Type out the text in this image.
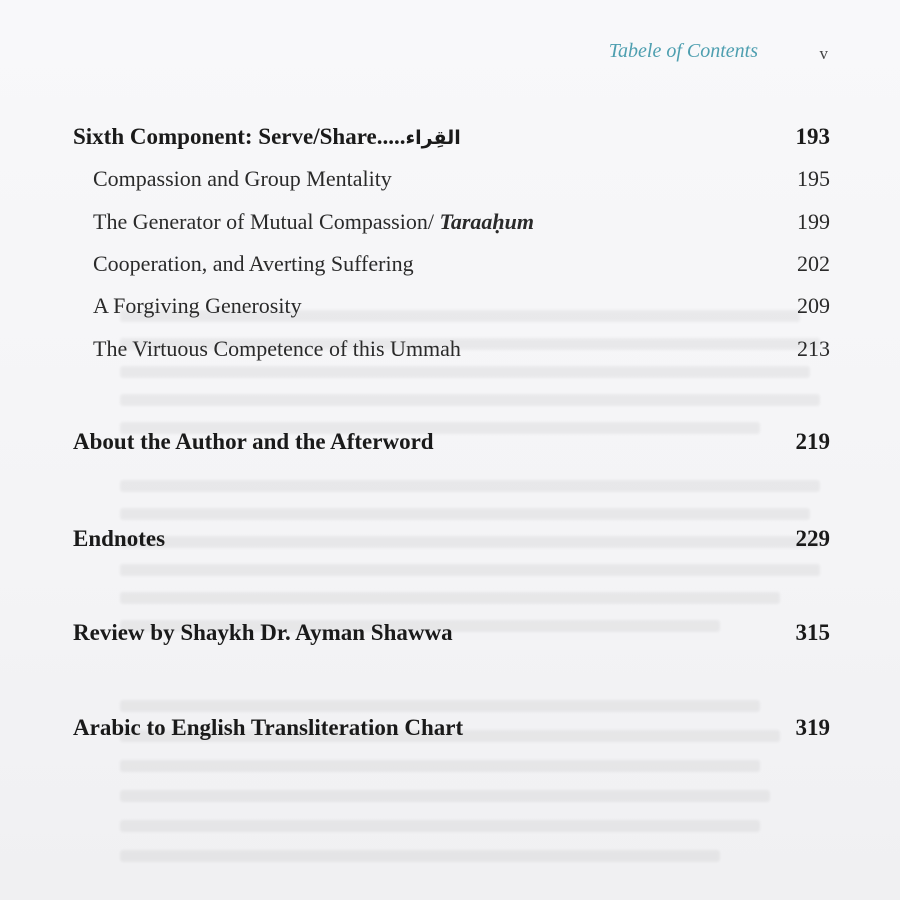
Tabele of Contents	v
Sixth Component: Serve/Share.....القِراء	193
Compassion and Group Mentality	195
The Generator of Mutual Compassion/ Taraaḥum	199
Cooperation, and Averting Suffering	202
A Forgiving Generosity	209
The Virtuous Competence of this Ummah	213
About the Author and the Afterword	219
Endnotes	229
Review by Shaykh Dr. Ayman Shawwa	315
Arabic to English Transliteration Chart	319
